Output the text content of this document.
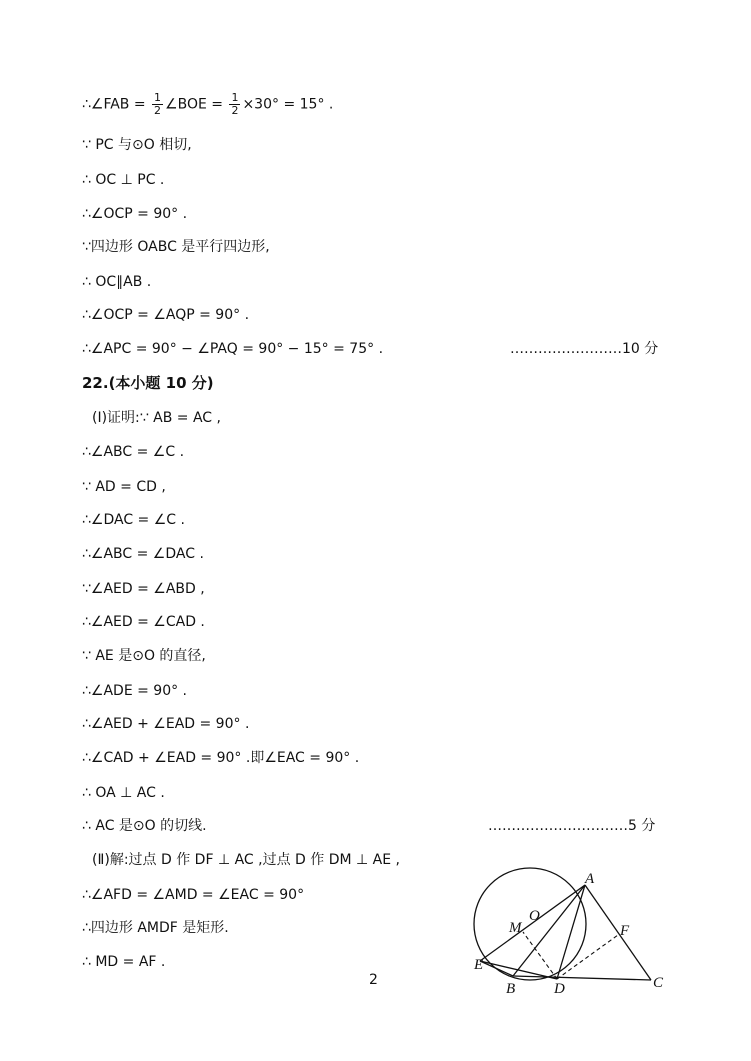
∴∠FAB = $\frac{1}{2}$ ∠BOE = $\frac{1}{2} \times 30^\circ = 15^\circ$ .
∵ PC 与⊙O 相切,
∴ OC ⊥ PC .
∴∠OCP = 90° .
∵四边形 OABC 是平行四边形,
∴ OC∥AB .
∴∠OCP = ∠AQP = 90° .
∴∠APC = 90° − ∠PAQ = 90° − 15° = 75° .	……………………10 分
22.(本小题 10 分)
(Ⅰ)证明:∵ AB = AC ,
∴∠ABC = ∠C .
∵ AD = CD ,
∴∠DAC = ∠C .
∴∠ABC = ∠DAC .
∵∠AED = ∠ABD ,
∴∠AED = ∠CAD .
∵ AE 是⊙O 的直径,
∴∠ADE = 90° .
∴∠AED + ∠EAD = 90° .
∴∠CAD + ∠EAD = 90° .即∠EAC = 90° .
∴ OA ⊥ AC .
∴ AC 是⊙O 的切线.	…………………………5 分
(Ⅱ)解:过点 D 作 DF ⊥ AC ,过点 D 作 DM ⊥ AE ,
∴∠AFD = ∠AMD = ∠EAC = 90°
∴四边形 AMDF 是矩形.
∴ MD = AF .
2
A
O
M	F
E
B	D	C
